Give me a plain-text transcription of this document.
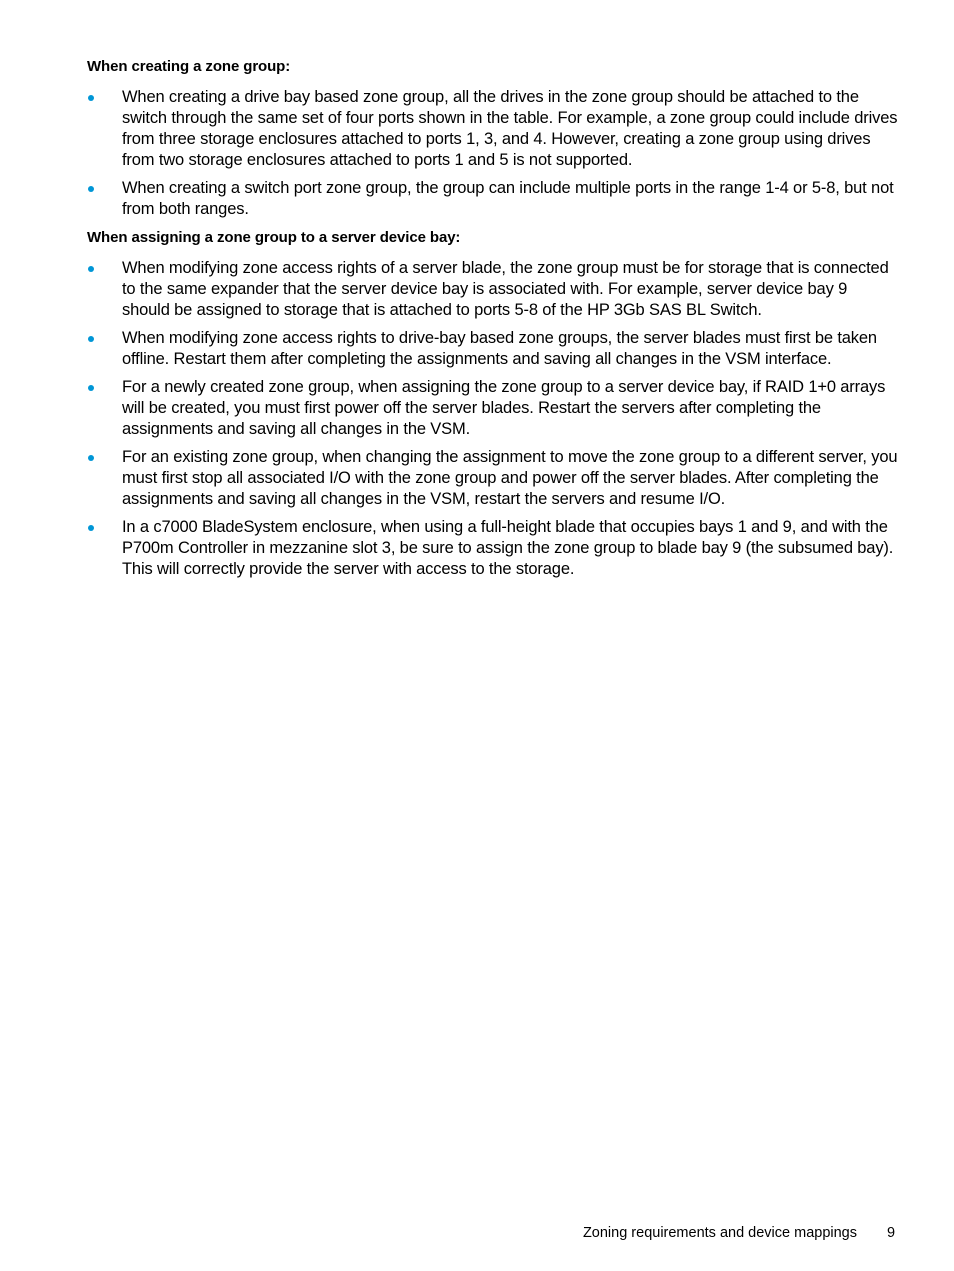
When creating a zone group:
When creating a drive bay based zone group, all the drives in the zone group should be attached to the switch through the same set of four ports shown in the table. For example, a zone group could include drives from three storage enclosures attached to ports 1, 3, and 4. However, creating a zone group using drives from two storage enclosures attached to ports 1 and 5 is not supported.
When creating a switch port zone group, the group can include multiple ports in the range 1-4 or 5-8, but not from both ranges.
When assigning a zone group to a server device bay:
When modifying zone access rights of a server blade, the zone group must be for storage that is connected to the same expander that the server device bay is associated with. For example, server device bay 9 should be assigned to storage that is attached to ports 5-8 of the HP 3Gb SAS BL Switch.
When modifying zone access rights to drive-bay based zone groups, the server blades must first be taken offline. Restart them after completing the assignments and saving all changes in the VSM interface.
For a newly created zone group, when assigning the zone group to a server device bay, if RAID 1+0 arrays will be created, you must first power off the server blades. Restart the servers after completing the assignments and saving all changes in the VSM.
For an existing zone group, when changing the assignment to move the zone group to a different server, you must first stop all associated I/O with the zone group and power off the server blades. After completing the assignments and saving all changes in the VSM, restart the servers and resume I/O.
In a c7000 BladeSystem enclosure, when using a full-height blade that occupies bays 1 and 9, and with the P700m Controller in mezzanine slot 3, be sure to assign the zone group to blade bay 9 (the subsumed bay). This will correctly provide the server with access to the storage.
Zoning requirements and device mappings 9
